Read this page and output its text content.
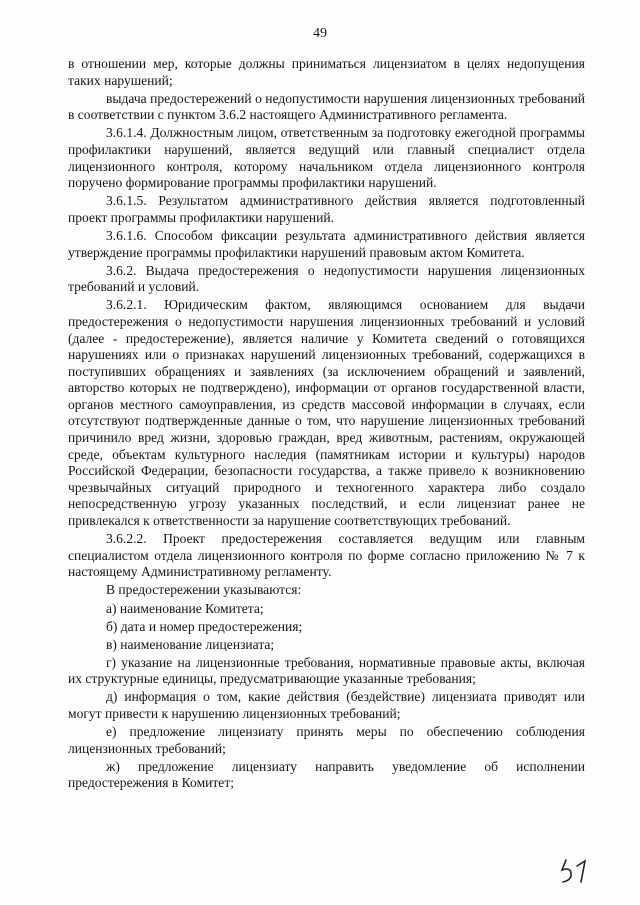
49

в отношении мер, которые должны приниматься лицензиатом в целях недопущения таких нарушений;

выдача предостережений о недопустимости нарушения лицензионных требований в соответствии с пунктом 3.6.2 настоящего Административного регламента.

3.6.1.4. Должностным лицом, ответственным за подготовку ежегодной программы профилактики нарушений, является ведущий или главный специалист отдела лицензионного контроля, которому начальником отдела лицензионного контроля поручено формирование программы профилактики нарушений.

3.6.1.5. Результатом административного действия является подготовленный проект программы профилактики нарушений.

3.6.1.6. Способом фиксации результата административного действия является утверждение программы профилактики нарушений правовым актом Комитета.

3.6.2. Выдача предостережения о недопустимости нарушения лицензионных требований и условий.

3.6.2.1. Юридическим фактом, являющимся основанием для выдачи предостережения о недопустимости нарушения лицензионных требований и условий (далее - предостережение), является наличие у Комитета сведений о готовящихся нарушениях или о признаках нарушений лицензионных требований, содержащихся в поступивших обращениях и заявлениях (за исключением обращений и заявлений, авторство которых не подтверждено), информации от органов государственной власти, органов местного самоуправления, из средств массовой информации в случаях, если отсутствуют подтвержденные данные о том, что нарушение лицензионных требований причинило вред жизни, здоровью граждан, вред животным, растениям, окружающей среде, объектам культурного наследия (памятникам истории и культуры) народов Российской Федерации, безопасности государства, а также привело к возникновению чрезвычайных ситуаций природного и техногенного характера либо создало непосредственную угрозу указанных последствий, и если лицензиат ранее не привлекался к ответственности за нарушение соответствующих требований.

3.6.2.2. Проект предостережения составляется ведущим или главным специалистом отдела лицензионного контроля по форме согласно приложению № 7 к настоящему Административному регламенту.

В предостережении указываются:

а) наименование Комитета;

б) дата и номер предостережения;

в) наименование лицензиата;

г) указание на лицензионные требования, нормативные правовые акты, включая их структурные единицы, предусматривающие указанные требования;

д) информация о том, какие действия (бездействие) лицензиата приводят или могут привести к нарушению лицензионных требований;

е) предложение лицензиату принять меры по обеспечению соблюдения лицензионных требований;

ж) предложение лицензиату направить уведомление об исполнении предостережения в Комитет;
